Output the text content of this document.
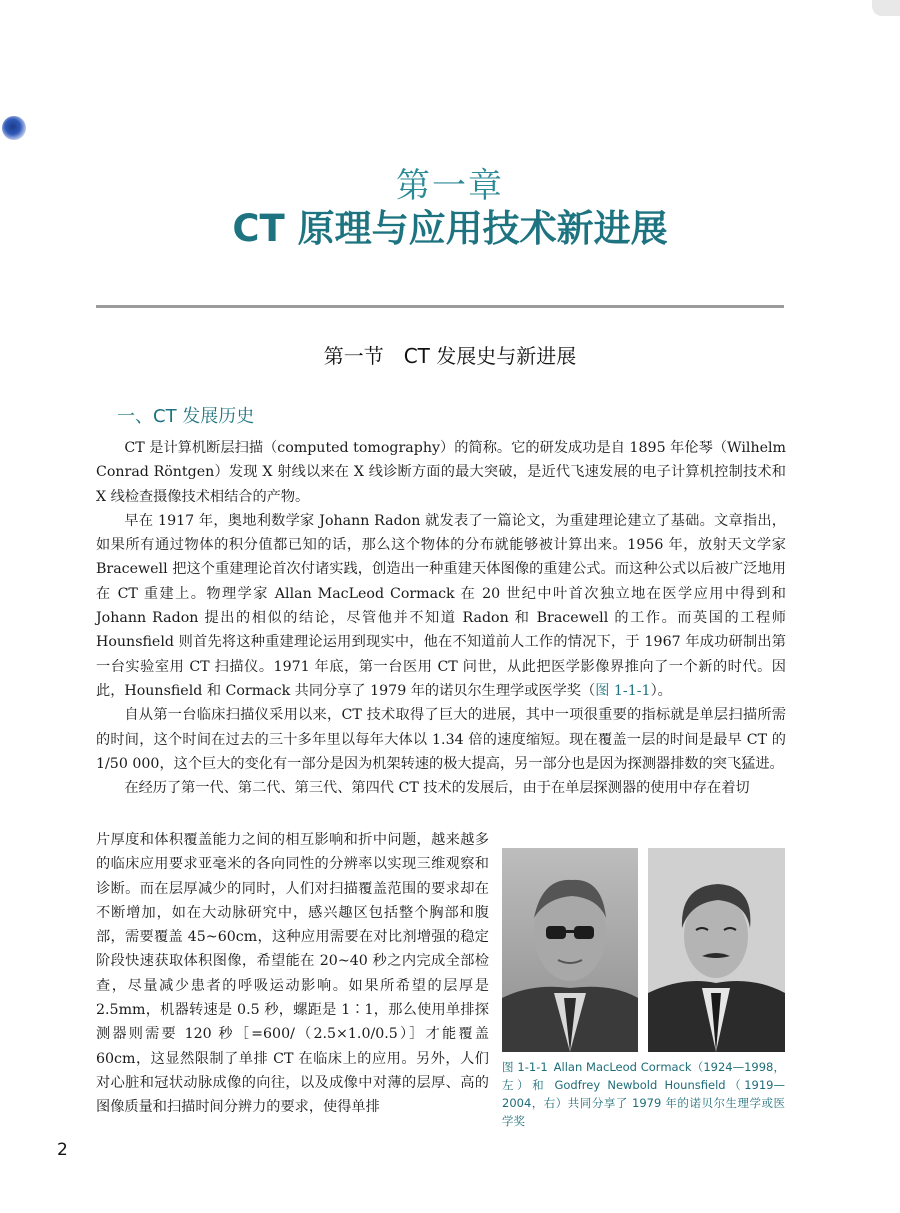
第一章
CT 原理与应用技术新进展
第一节　CT 发展史与新进展
一、CT 发展历史

CT 是计算机断层扫描（computed tomography）的简称。它的研发成功是自 1895 年伦琴（Wilhelm Conrad Röntgen）发现 X 射线以来在 X 线诊断方面的最大突破，是近代飞速发展的电子计算机控制技术和 X 线检查摄像技术相结合的产物。

早在 1917 年，奥地利数学家 Johann Radon 就发表了一篇论文，为重建理论建立了基础。文章指出，如果所有通过物体的积分值都已知的话，那么这个物体的分布就能够被计算出来。1956 年，放射天文学家 Bracewell 把这个重建理论首次付诸实践，创造出一种重建天体图像的重建公式。而这种公式以后被广泛地用在 CT 重建上。物理学家 Allan MacLeod Cormack 在 20 世纪中叶首次独立地在医学应用中得到和 Johann Radon 提出的相似的结论，尽管他并不知道 Radon 和 Bracewell 的工作。而英国的工程师 Hounsfield 则首先将这种重建理论运用到现实中，他在不知道前人工作的情况下，于 1967 年成功研制出第一台实验室用 CT 扫描仪。1971 年底，第一台医用 CT 问世，从此把医学影像界推向了一个新的时代。因此，Hounsfield 和 Cormack 共同分享了 1979 年的诺贝尔生理学或医学奖（图 1-1-1）。

自从第一台临床扫描仪采用以来，CT 技术取得了巨大的进展，其中一项很重要的指标就是单层扫描所需的时间，这个时间在过去的三十多年里以每年大体以 1.34 倍的速度缩短。现在覆盖一层的时间是最早 CT 的 1/50 000，这个巨大的变化有一部分是因为机架转速的极大提高，另一部分也是因为探测器排数的突飞猛进。

在经历了第一代、第二代、第三代、第四代 CT 技术的发展后，由于在单层探测器的使用中存在着切

片厚度和体积覆盖能力之间的相互影响和折中问题，越来越多的临床应用要求亚毫米的各向同性的分辨率以实现三维观察和诊断。而在层厚减少的同时，人们对扫描覆盖范围的要求却在不断增加，如在大动脉研究中，感兴趣区包括整个胸部和腹部，需要覆盖 45~60cm，这种应用需要在对比剂增强的稳定阶段快速获取体积图像，希望能在 20~40 秒之内完成全部检查，尽量减少患者的呼吸运动影响。如果所希望的层厚是 2.5mm，机器转速是 0.5 秒，螺距是 1∶1，那么使用单排探测器则需要 120 秒［=600/（2.5×1.0/0.5）］才能覆盖 60cm，这显然限制了单排 CT 在临床上的应用。另外，人们对心脏和冠状动脉成像的向往，以及成像中对薄的层厚、高的图像质量和扫描时间分辨力的要求，使得单排
图 1-1-1 Allan MacLeod Cormack（1924—1998，左）和 Godfrey Newbold Hounsfield（1919—2004，右）共同分享了 1979 年的诺贝尔生理学或医学奖
2
